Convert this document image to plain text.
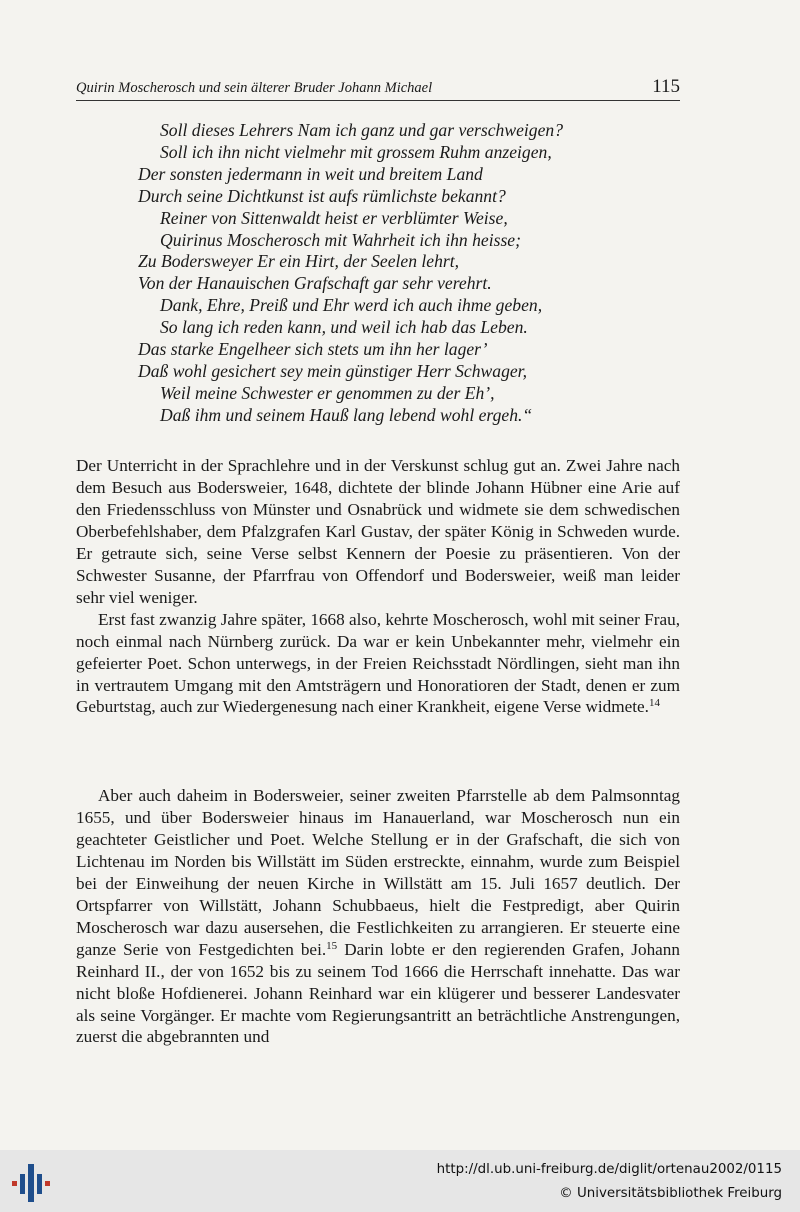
Quirin Moscherosch und sein älterer Bruder Johann Michael	115
Soll dieses Lehrers Nam ich ganz und gar verschweigen?
Soll ich ihn nicht vielmehr mit grossem Ruhm anzeigen,
Der sonsten jedermann in weit und breitem Land
Durch seine Dichtkunst ist aufs rümlichste bekannt?
Reiner von Sittenwaldt heist er verblümter Weise,
Quirinus Moscherosch mit Wahrheit ich ihn heisse;
Zu Bodersweyer Er ein Hirt, der Seelen lehrt,
Von der Hanauischen Grafschaft gar sehr verehrt.
Dank, Ehre, Preiß und Ehr werd ich auch ihme geben,
So lang ich reden kann, und weil ich hab das Leben.
Das starke Engelheer sich stets um ihn her lager’
Daß wohl gesichert sey mein günstiger Herr Schwager,
Weil meine Schwester er genommen zu der Eh’,
Daß ihm und seinem Hauß lang lebend wohl ergeh.“

Der Unterricht in der Sprachlehre und in der Verskunst schlug gut an. Zwei Jahre nach dem Besuch aus Bodersweier, 1648, dichtete der blinde Johann Hübner eine Arie auf den Friedensschluss von Münster und Osnabrück und widmete sie dem schwedischen Oberbefehlshaber, dem Pfalzgrafen Karl Gustav, der später König in Schweden wurde. Er getraute sich, seine Verse selbst Kennern der Poesie zu präsentieren. Von der Schwester Susanne, der Pfarrfrau von Offendorf und Bodersweier, weiß man leider sehr viel weniger.

Erst fast zwanzig Jahre später, 1668 also, kehrte Moscherosch, wohl mit seiner Frau, noch einmal nach Nürnberg zurück. Da war er kein Unbekannter mehr, vielmehr ein gefeierter Poet. Schon unterwegs, in der Freien Reichsstadt Nördlingen, sieht man ihn in vertrautem Umgang mit den Amtsträgern und Honoratioren der Stadt, denen er zum Geburtstag, auch zur Wiedergenesung nach einer Krankheit, eigene Verse widmete.$^{14}$

Aber auch daheim in Bodersweier, seiner zweiten Pfarrstelle ab dem Palmsonntag 1655, und über Bodersweier hinaus im Hanauerland, war Moscherosch nun ein geachteter Geistlicher und Poet. Welche Stellung er in der Grafschaft, die sich von Lichtenau im Norden bis Willstätt im Süden erstreckte, einnahm, wurde zum Beispiel bei der Einweihung der neuen Kirche in Willstätt am 15. Juli 1657 deutlich. Der Ortspfarrer von Willstätt, Johann Schubbaeus, hielt die Festpredigt, aber Quirin Moscherosch war dazu ausersehen, die Festlichkeiten zu arrangieren. Er steuerte eine ganze Serie von Festgedichten bei.$^{15}$ Darin lobte er den regierenden Grafen, Johann Reinhard II., der von 1652 bis zu seinem Tod 1666 die Herrschaft innehatte. Das war nicht bloße Hofdienerei. Johann Reinhard war ein klügerer und besserer Landesvater als seine Vorgänger. Er machte vom Regierungsantritt an beträchtliche Anstrengungen, zuerst die abgebrannten und

http://dl.ub.uni-freiburg.de/diglit/ortenau2002/0115
© Universitätsbibliothek Freiburg
